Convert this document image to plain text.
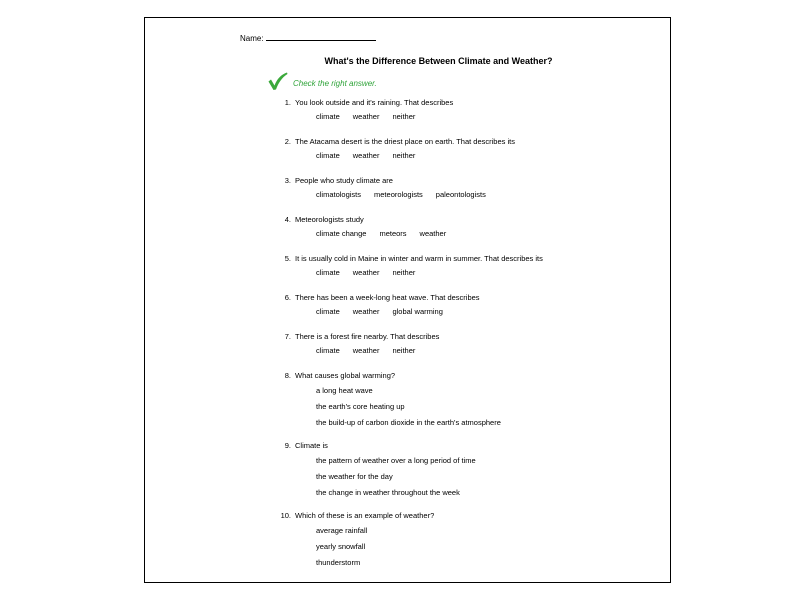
Name:
What's the Difference Between Climate and Weather?
Check the right answer.
1. You look outside and it's raining. That describes
climate weather neither
2. The Atacama desert is the driest place on earth. That describes its
climate weather neither
3. People who study climate are
climatologists meteorologists paleontologists
4. Meteorologists study
climate change meteors weather
5. It is usually cold in Maine in winter and warm in summer. That describes its
climate weather neither
6. There has been a week-long heat wave. That describes
climate weather global warming
7. There is a forest fire nearby. That describes
climate weather neither
8. What causes global warming?
a long heat wave
the earth's core heating up
the build-up of carbon dioxide in the earth's atmosphere
9. Climate is
the pattern of weather over a long period of time
the weather for the day
the change in weather throughout the week
10. Which of these is an example of weather?
average rainfall
yearly snowfall
thunderstorm
